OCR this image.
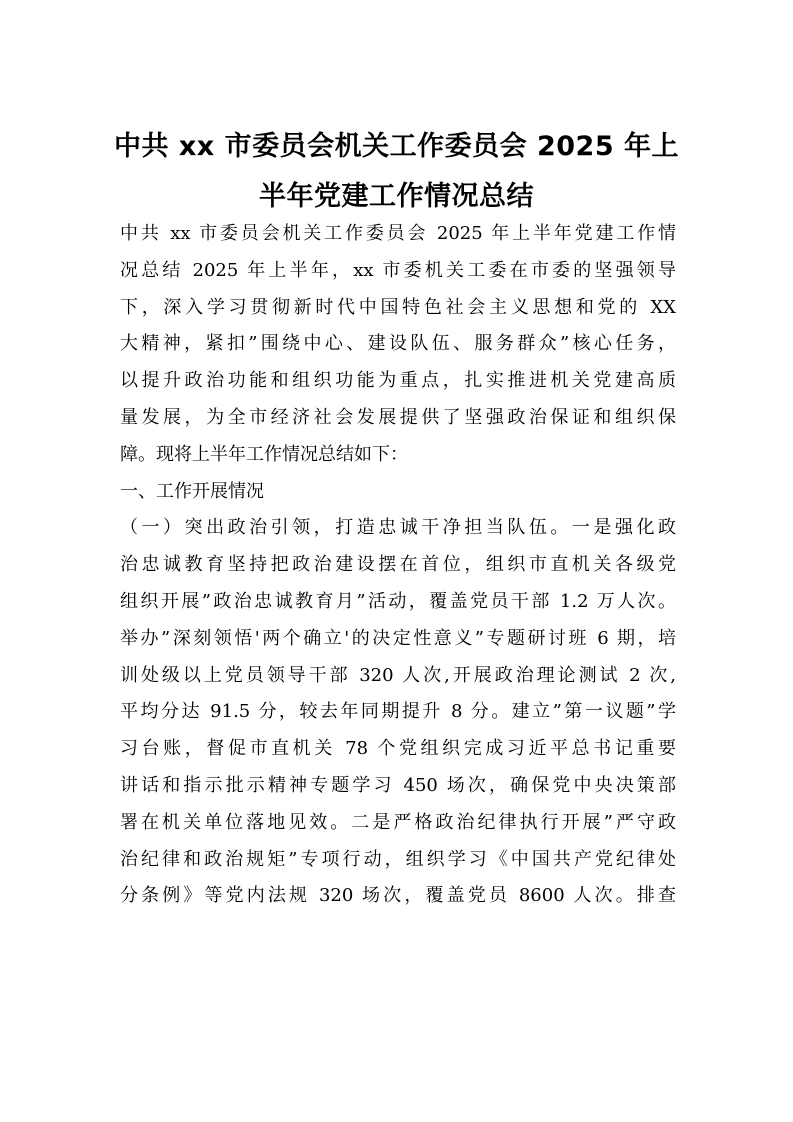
中共 xx 市委员会机关工作委员会 2025 年上
半年党建工作情况总结
中共 xx 市委员会机关工作委员会 2025 年上半年党建工作情
况总结 2025 年上半年，xx 市委机关工委在市委的坚强领导
下，深入学习贯彻新时代中国特色社会主义思想和党的 XX
大精神，紧扣”围绕中心、建设队伍、服务群众”核心任务，
以提升政治功能和组织功能为重点，扎实推进机关党建高质
量发展，为全市经济社会发展提供了坚强政治保证和组织保
障。现将上半年工作情况总结如下：
一、工作开展情况
（一）突出政治引领，打造忠诚干净担当队伍。一是强化政
治忠诚教育坚持把政治建设摆在首位，组织市直机关各级党
组织开展”政治忠诚教育月”活动，覆盖党员干部 1.2 万人次。
举办”深刻领悟'两个确立'的决定性意义”专题研讨班 6 期，培
训处级以上党员领导干部 320 人次,开展政治理论测试 2 次,
平均分达 91.5 分，较去年同期提升 8 分。建立”第一议题”学
习台账，督促市直机关 78 个党组织完成习近平总书记重要
讲话和指示批示精神专题学习 450 场次，确保党中央决策部
署在机关单位落地见效。二是严格政治纪律执行开展”严守政
治纪律和政治规矩”专项行动，组织学习《中国共产党纪律处
分条例》等党内法规 320 场次，覆盖党员 8600 人次。排查
